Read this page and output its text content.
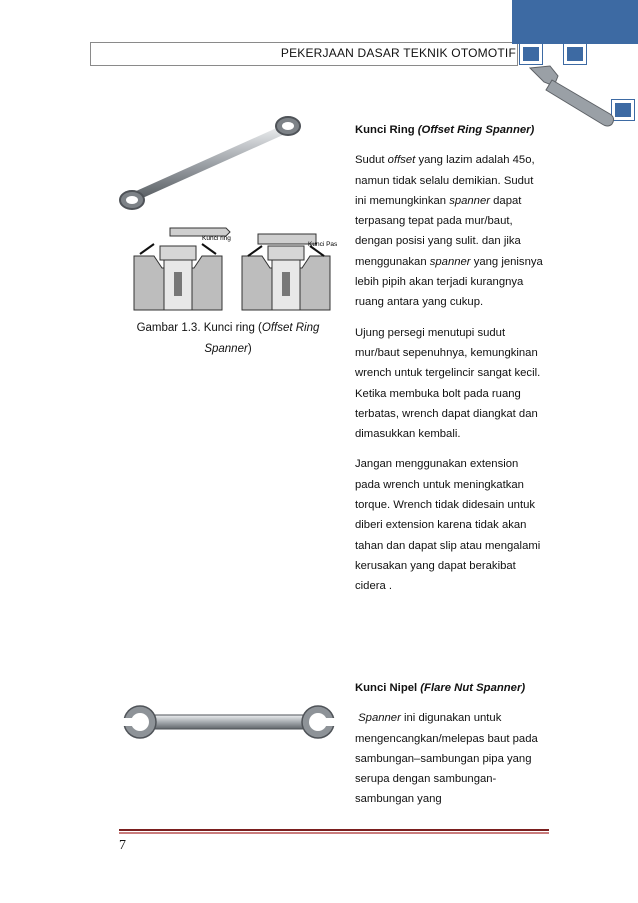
PEKERJAAN DASAR TEKNIK OTOMOTIF
Kunci ring
Kunci Pas
Gambar 1.3. Kunci ring (Offset Ring
Spanner)

Kunci Ring (Offset Ring Spanner)

Sudut offset yang lazim adalah 45o, namun tidak selalu demikian. Sudut ini memungkinkan spanner dapat terpasang tepat pada mur/baut, dengan posisi yang sulit. dan jika menggunakan spanner yang jenisnya lebih pipih akan terjadi kurangnya ruang antara yang cukup.

Ujung persegi menutupi sudut mur/baut sepenuhnya, kemungkinan wrench untuk tergelincir sangat kecil. Ketika membuka bolt pada ruang terbatas, wrench dapat diangkat dan dimasukkan kembali.

Jangan menggunakan extension pada wrench untuk meningkatkan torque. Wrench tidak didesain untuk diberi extension karena tidak akan tahan dan dapat slip atau mengalami kerusakan yang dapat berakibat cidera .

Kunci Nipel (Flare Nut Spanner)

Spanner ini digunakan untuk mengencangkan/melepas baut pada sambungan–sambungan pipa yang serupa dengan sambungan-sambungan yang

7
